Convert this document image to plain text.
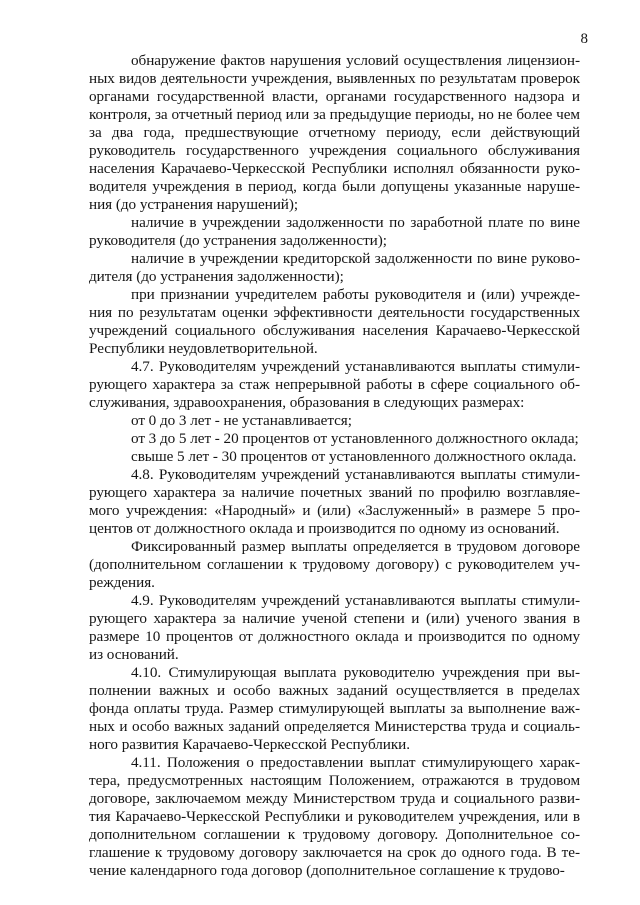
8

обнаружение фактов нарушения условий осуществления лицензионных видов деятельности учреждения, выявленных по результатам проверок органами государственной власти, органами государственного надзора и контроля, за отчетный период или за предыдущие периоды, но не более чем за два года, предшествующие отчетному периоду, если действующий руководитель государственного учреждения социального обслуживания населения Карачаево-Черкесской Республики исполнял обязанности руководителя учреждения в период, когда были допущены указанные нарушения (до устранения нарушений);

наличие в учреждении задолженности по заработной плате по вине руководителя (до устранения задолженности);

наличие в учреждении кредиторской задолженности по вине руководителя (до устранения задолженности);

при признании учредителем работы руководителя и (или) учреждения по результатам оценки эффективности деятельности государственных учреждений социального обслуживания населения Карачаево-Черкесской Республики неудовлетворительной.

4.7. Руководителям учреждений устанавливаются выплаты стимулирующего характера за стаж непрерывной работы в сфере социального обслуживания, здравоохранения, образования в следующих размерах:

от 0 до 3 лет - не устанавливается;

от 3 до 5 лет - 20 процентов от установленного должностного оклада;

свыше 5 лет - 30 процентов от установленного должностного оклада.

4.8. Руководителям учреждений устанавливаются выплаты стимулирующего характера за наличие почетных званий по профилю возглавляемого учреждения: «Народный» и (или) «Заслуженный» в размере 5 процентов от должностного оклада и производится по одному из оснований.

Фиксированный размер выплаты определяется в трудовом договоре (дополнительном соглашении к трудовому договору) с руководителем учреждения.

4.9. Руководителям учреждений устанавливаются выплаты стимулирующего характера за наличие ученой степени и (или) ученого звания в размере 10 процентов от должностного оклада и производится по одному из оснований.

4.10. Стимулирующая выплата руководителю учреждения при выполнении важных и особо важных заданий осуществляется в пределах фонда оплаты труда. Размер стимулирующей выплаты за выполнение важных и особо важных заданий определяется Министерства труда и социального развития Карачаево-Черкесской Республики.

4.11. Положения о предоставлении выплат стимулирующего характера, предусмотренных настоящим Положением, отражаются в трудовом договоре, заключаемом между Министерством труда и социального развития Карачаево-Черкесской Республики и руководителем учреждения, или в дополнительном соглашении к трудовому договору. Дополнительное соглашение к трудовому договору заключается на срок до одного года. В течение календарного года договор (дополнительное соглашение к трудово-
